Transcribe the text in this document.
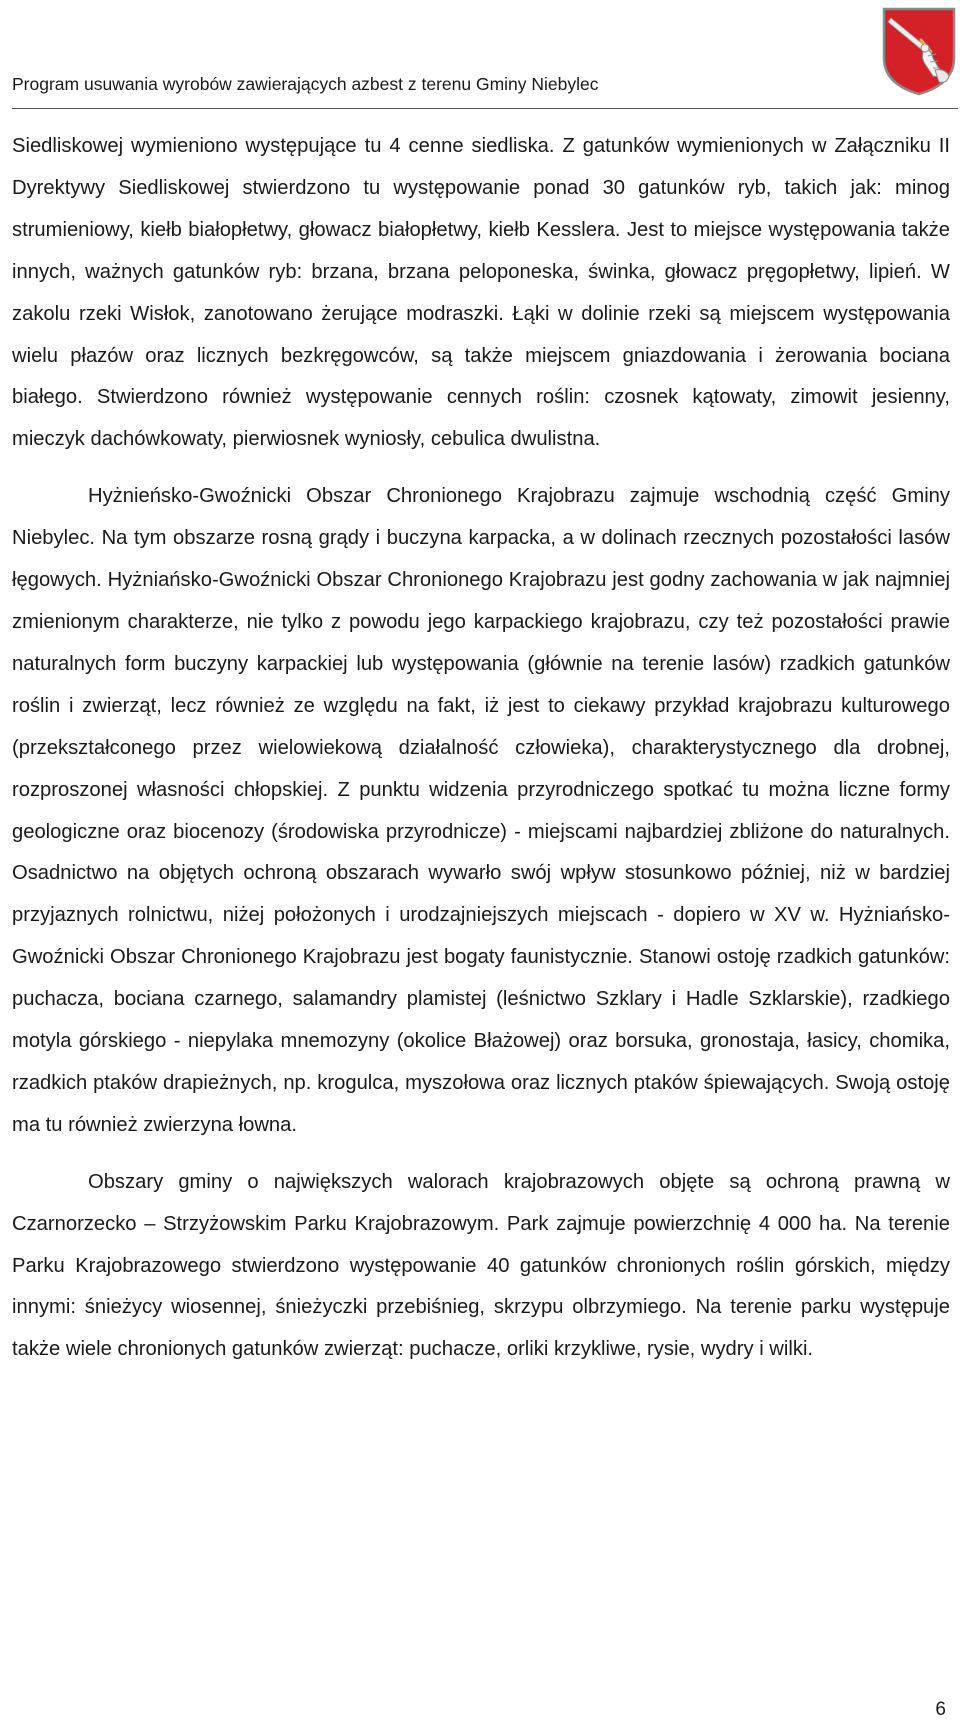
Program usuwania wyrobów zawierających azbest z terenu Gminy Niebylec

Siedliskowej wymieniono występujące tu 4 cenne siedliska. Z gatunków wymienionych w Załączniku II Dyrektywy Siedliskowej stwierdzono tu występowanie ponad 30 gatunków ryb, takich jak: minog strumieniowy, kiełb białopłetwy, głowacz białopłetwy, kiełb Kesslera. Jest to miejsce występowania także innych, ważnych gatunków ryb: brzana, brzana peloponeska, świnka, głowacz pręgopłetwy, lipień. W zakolu rzeki Wisłok, zanotowano żerujące modraszki. Łąki w dolinie rzeki są miejscem występowania wielu płazów oraz licznych bezkręgowców, są także miejscem gniazdowania i żerowania bociana białego. Stwierdzono również występowanie cennych roślin: czosnek kątowaty, zimowit jesienny, mieczyk dachówkowaty, pierwiosnek wyniosły, cebulica dwulistna.

Hyżnieńsko-Gwoźnicki Obszar Chronionego Krajobrazu zajmuje wschodnią część Gminy Niebylec. Na tym obszarze rosną grądy i buczyna karpacka, a w dolinach rzecznych pozostałości lasów łęgowych. Hyżniańsko-Gwoźnicki Obszar Chronionego Krajobrazu jest godny zachowania w jak najmniej zmienionym charakterze, nie tylko z powodu jego karpackiego krajobrazu, czy też pozostałości prawie naturalnych form buczyny karpackiej lub występowania (głównie na terenie lasów) rzadkich gatunków roślin i zwierząt, lecz również ze względu na fakt, iż jest to ciekawy przykład krajobrazu kulturowego (przekształconego przez wielowiekową działalność człowieka), charakterystycznego dla drobnej, rozproszonej własności chłopskiej. Z punktu widzenia przyrodniczego spotkać tu można liczne formy geologiczne oraz biocenozy (środowiska przyrodnicze) - miejscami najbardziej zbliżone do naturalnych. Osadnictwo na objętych ochroną obszarach wywarło swój wpływ stosunkowo później, niż w bardziej przyjaznych rolnictwu, niżej położonych i urodzajniejszych miejscach - dopiero w XV w. Hyżniańsko-Gwoźnicki Obszar Chronionego Krajobrazu jest bogaty faunistycznie. Stanowi ostoję rzadkich gatunków: puchacza, bociana czarnego, salamandry plamistej (leśnictwo Szklary i Hadle Szklarskie), rzadkiego motyla górskiego - niepylaka mnemozyny (okolice Błażowej) oraz borsuka, gronostaja, łasicy, chomika, rzadkich ptaków drapieżnych, np. krogulca, myszołowa oraz licznych ptaków śpiewających. Swoją ostoję ma tu również zwierzyna łowna.

Obszary gminy o największych walorach krajobrazowych objęte są ochroną prawną w Czarnorzecko – Strzyżowskim Parku Krajobrazowym. Park zajmuje powierzchnię 4 000 ha. Na terenie Parku Krajobrazowego stwierdzono występowanie 40 gatunków chronionych roślin górskich, między innymi: śnieżycy wiosennej, śnieżyczki przebiśnieg, skrzypu olbrzymiego. Na terenie parku występuje także wiele chronionych gatunków zwierząt: puchacze, orliki krzykliwe, rysie, wydry i wilki.

6
